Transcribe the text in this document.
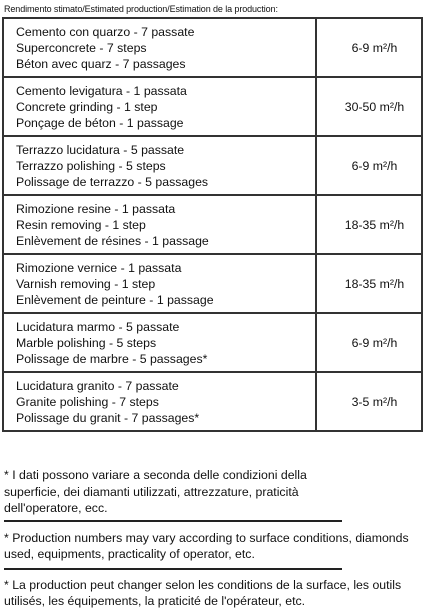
Rendimento stimato/Estimated production/Estimation de la production:
Cemento con quarzo - 7 passate
Superconcrete - 7 steps
Béton avec quarz - 7 passages	6-9 m²/h

Cemento levigatura - 1 passata
Concrete grinding - 1 step
Ponçage de béton - 1 passage	30-50 m²/h

Terrazzo lucidatura - 5 passate
Terrazzo polishing - 5 steps
Polissage de terrazzo - 5 passages	6-9 m²/h

Rimozione resine - 1 passata
Resin removing - 1 step
Enlèvement de résines - 1 passage	18-35 m²/h

Rimozione vernice - 1 passata
Varnish removing - 1 step
Enlèvement de peinture - 1 passage	18-35 m²/h

Lucidatura marmo - 5 passate
Marble polishing - 5 steps
Polissage de marbre - 5 passages*	6-9 m²/h

Lucidatura granito - 7 passate
Granite polishing - 7 steps
Polissage du granit - 7 passages*	3-5 m²/h
* I dati possono variare a seconda delle condizioni della superficie, dei diamanti utilizzati, attrezzature, praticità dell'operatore, ecc.
* Production numbers may vary according to surface conditions, diamonds used, equipments, practicality of operator, etc.
* La production peut changer selon les conditions de la surface, les outils utilisés, les équipements, la praticité de l'opérateur, etc.
